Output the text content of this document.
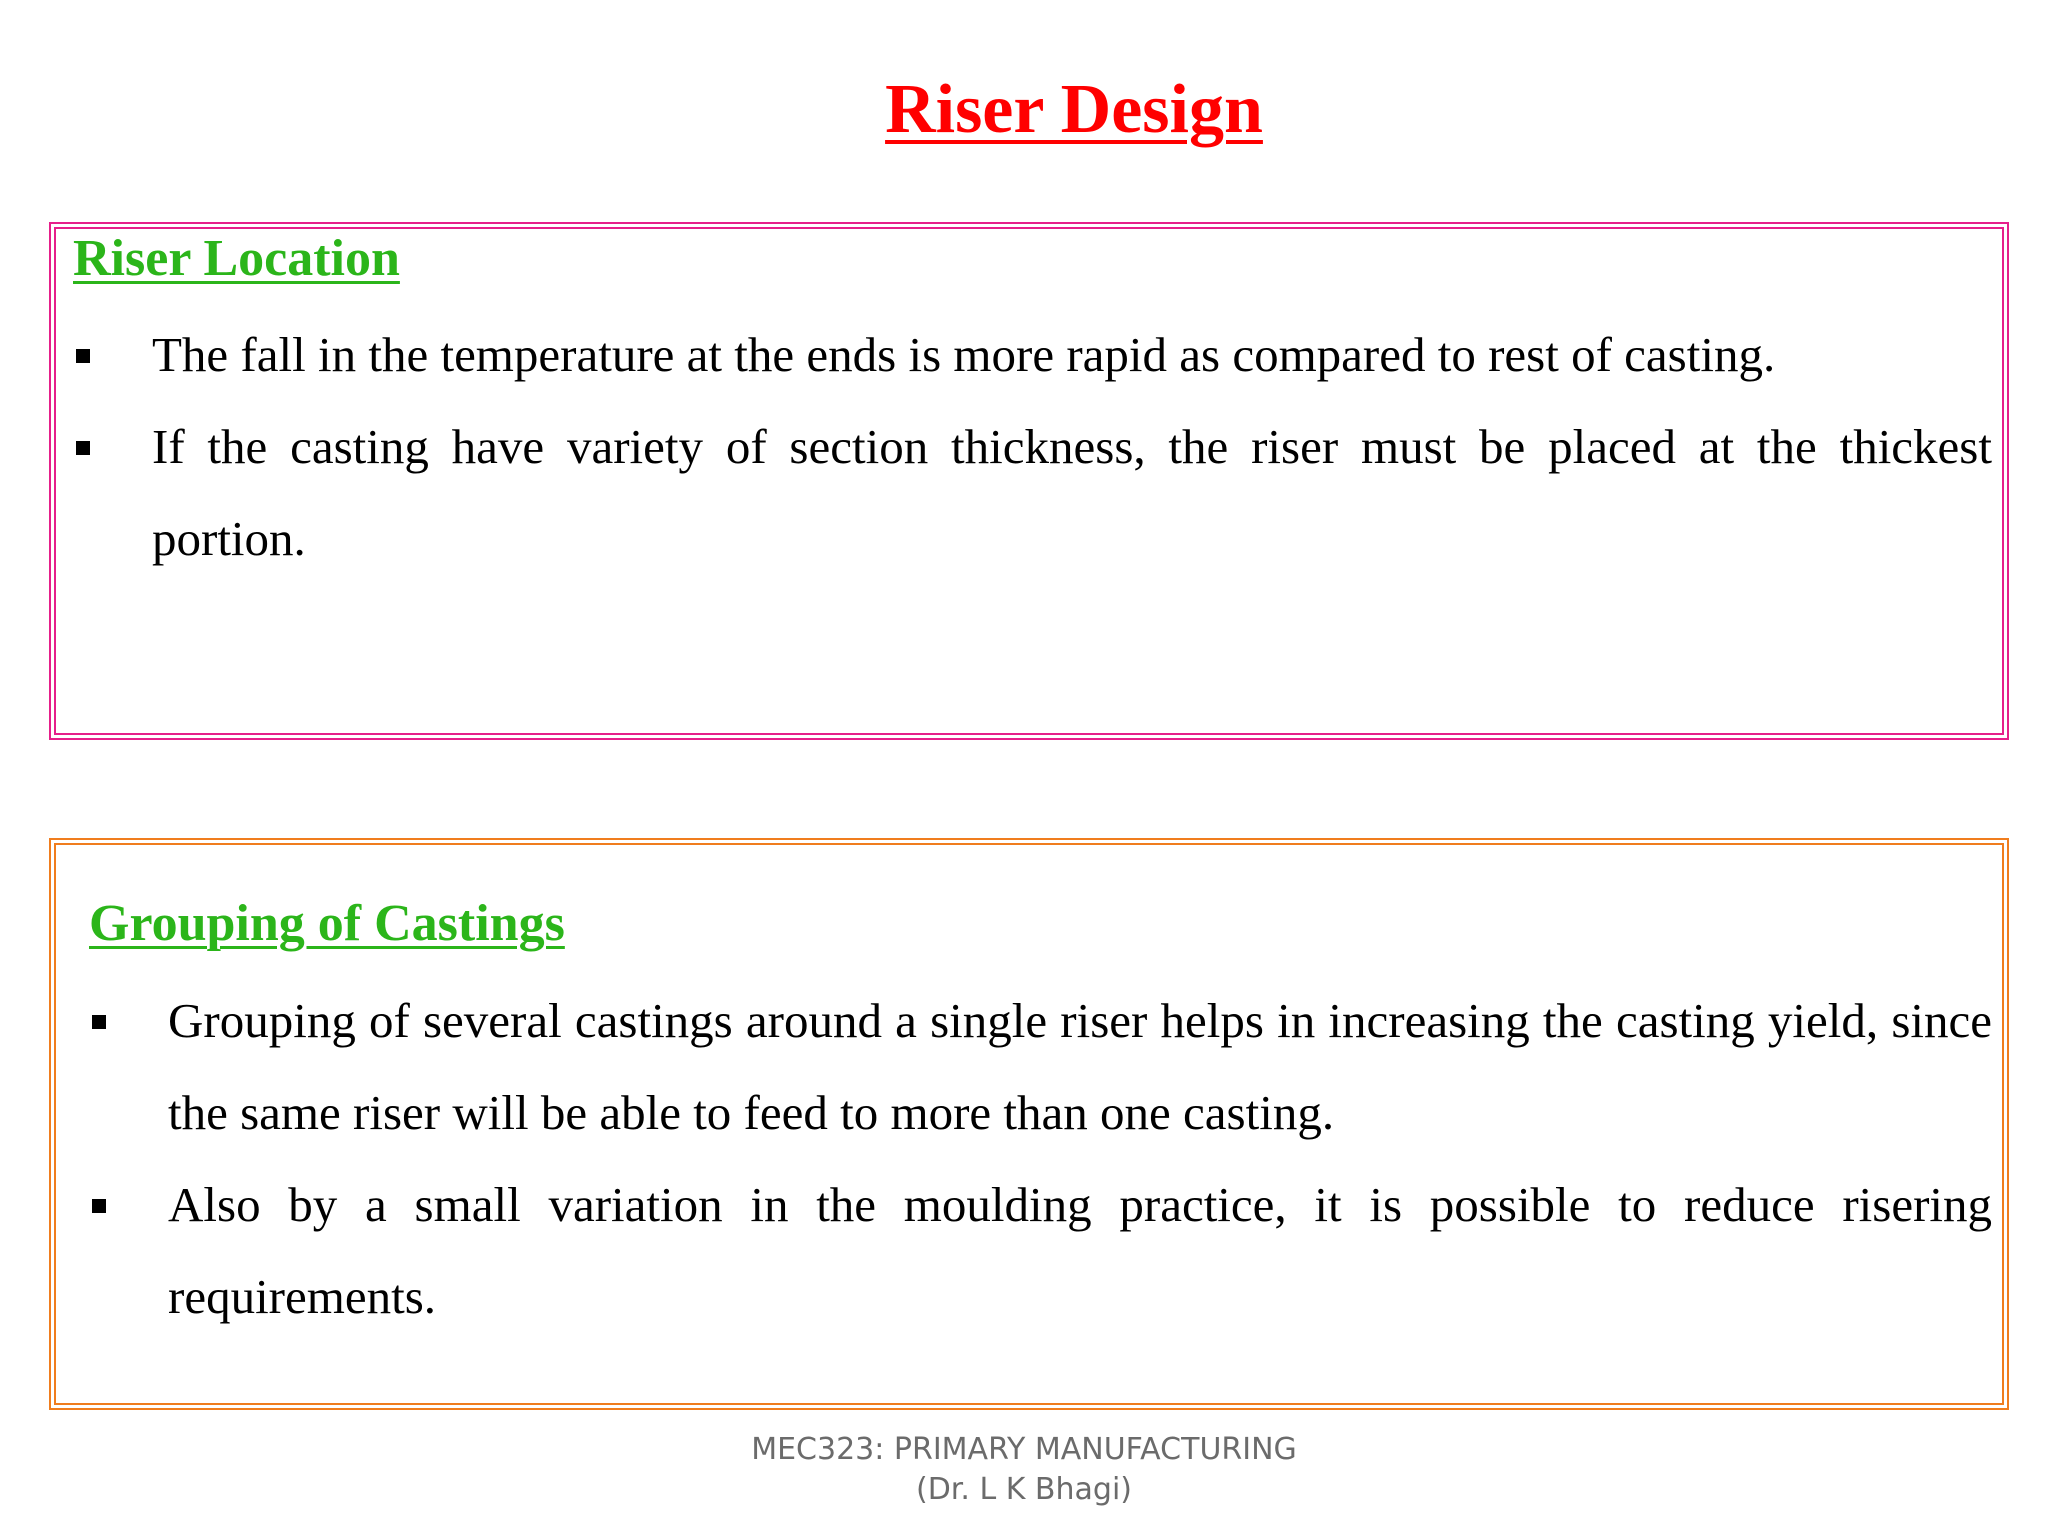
Riser Design
Riser Location
The fall in the temperature at the ends is more rapid as compared to rest of casting.
If the casting have variety of section thickness, the riser must be placed at the thickest portion.
Grouping of Castings
Grouping of several castings around a single riser helps in increasing the casting yield, since the same riser will be able to feed to more than one casting.
Also by a small variation in the moulding practice, it is possible to reduce risering requirements.
MEC323: PRIMARY MANUFACTURING
(Dr. L K Bhagi)
